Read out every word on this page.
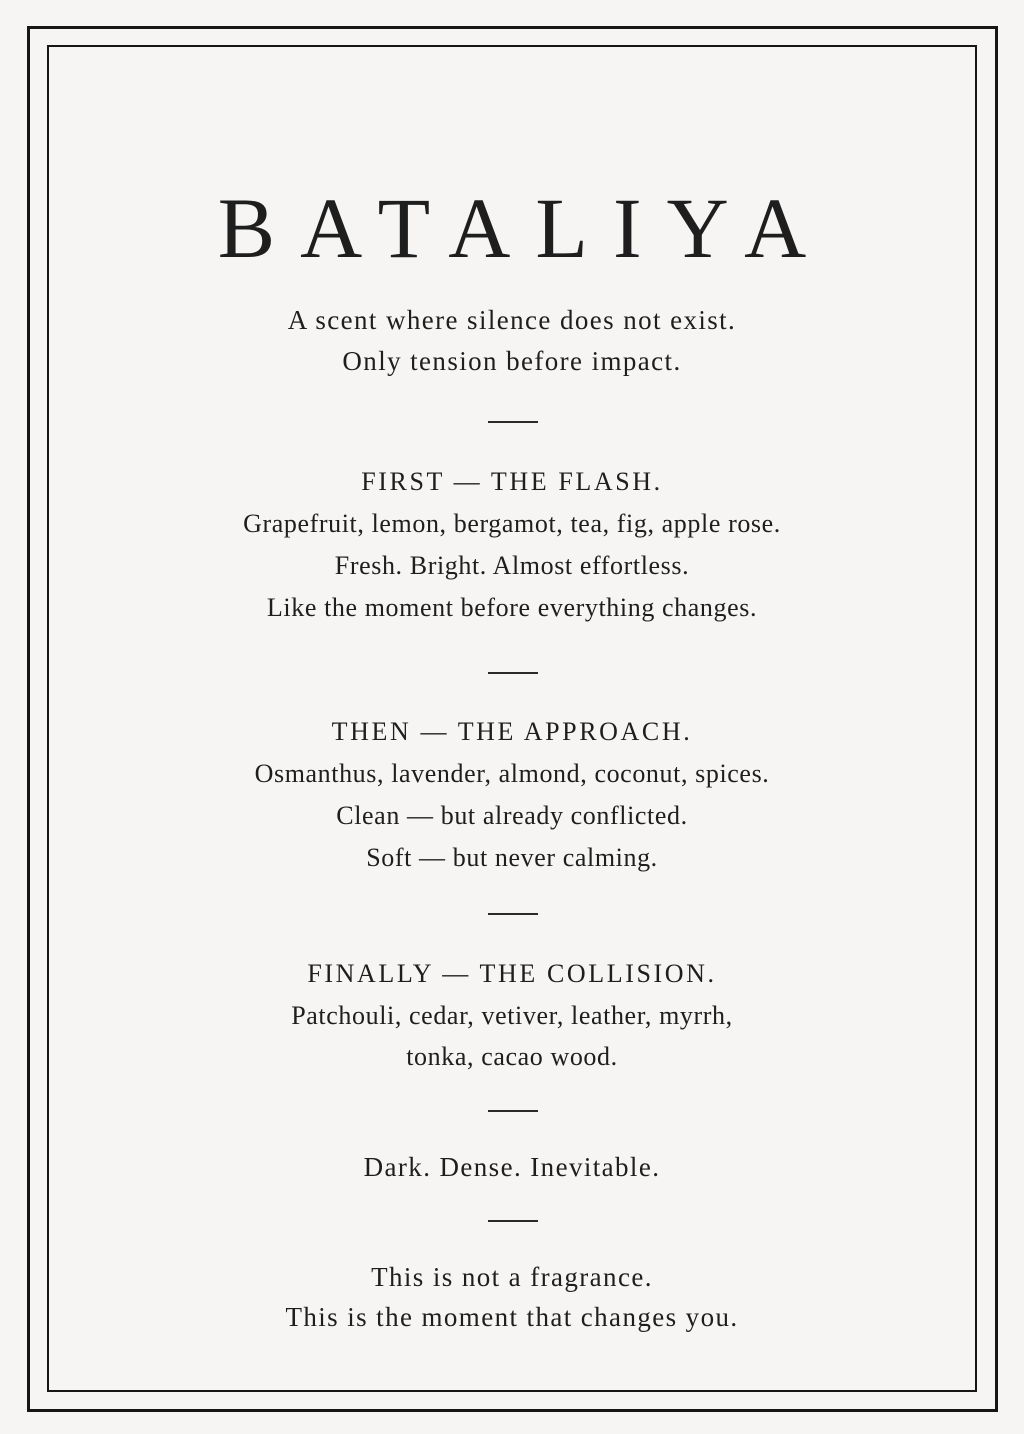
BATALIYA

A scent where silence does not exist.

Only tension before impact.

FIRST — THE FLASH.

Grapefruit, lemon, bergamot, tea, fig, apple rose.

Fresh. Bright. Almost effortless.

Like the moment before everything changes.

THEN — THE APPROACH.

Osmanthus, lavender, almond, coconut, spices.

Clean — but already conflicted.

Soft — but never calming.

FINALLY — THE COLLISION.

Patchouli, cedar, vetiver, leather, myrrh,

tonka, cacao wood.

Dark. Dense. Inevitable.

This is not a fragrance.

This is the moment that changes you.
